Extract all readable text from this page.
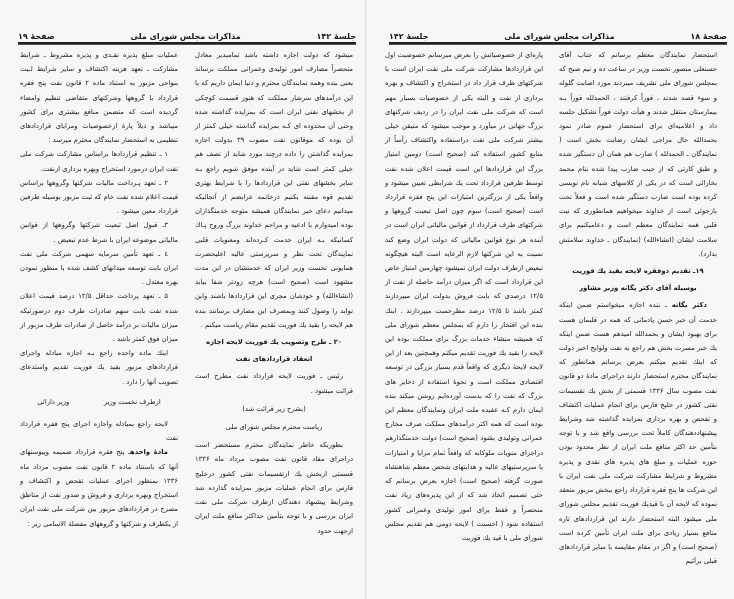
جلسهٔ ۱۴۲
مذاکرات مجلس شورای ملی
صفحهٔ ۱۹

میشود که دولت اجازه داشته باشد تمامبدیر معادل منحصراً مصارف امور تولیدی وعمرانی مملکت برساند یعنی بنده وهمه نمایندگان محترم و دنیا ایمان داریم که با این درآمدهای سرشار مملکت که هنوز قسمت کوچکی از بخشهای نفتی ایران است که بمزایده گذاشته شده وحتی آن محدوده ای کـه بمزایده گذاشته خیلی کمتر از آن بوده که موقانون نفت مصوب ۳۹ بدولت اجازه بمزایده گذاشتن را داده درچند مورد شاید از نصف هم خیلی کمتر است شاید در آینده موفق شویم راجع بـه سایر بخشهای نفتی این قراردادها را با شرایط بهتری تقدیم قوه مقننه بکنیم درخاتمه عرایضم از آنجائیکه میدانیم دعای خیر نمایندگان همیشه متوجه خدمتگذاران بوده امیدوارم با ادعیه و مراحم خداوند بزرگ وروح پـاك کسانیکه بـه ایران خدمت کـرده‌اند ومعنویات قلبی نمایندگان تحت نظر و سرپرستی عالیه اعلیحضرت همایونی نخست وزیر ایران که خدمتشان در این مدت مشهود است (صحیح است) هرچه زودتر شفا بیابد (انشاءالله) و خودشان مجری این قراردادها باشند واین نوابد را وصول کنند وبمصرف این مصارف برسانند بنده هم لایحه را بقید یك فوریت تقدیم مقام ریاست میکنم .

۲۰ ـ طرح وتصویب یك فوریت لایحه اجازه

انعقاد قراردادهای نفت

رئیس ـ فوریت لایحه قرارداد نفت مطرح است قرائت میشود .

(بشرح زیر قرائت شد)

ریاست محترم مجلس شورای ملی

بطوریکه خاطر نمایندگان محترم مستحضر است دراجرای مفاد قانون نفت مصوب مرداد ماه ۱۳۳۶ قسمتی ازبخش یك ازتقسیمات نفتی کشور درخلیج فارس برای انجام عملیات مزبور بمزایده گذارده شد وشرایط پیشنهاد دهندگان ازطرف شرکت ملی نفت ایران بررسی و با توجه بتأمین حداکثر منافع ملت ایران ازجهت حدود

عملیات مبلغ پذیره نقـدی و پذیره مشروط ـ شرایط مشارکت ـ تعهد هزینه اکتشاف و سایر شرایط لـیت بنواحی مزبور به استناد ماده ۲ قانون نفت پنج فقره قرارداد با گروهها وشرکتهای متقاضی تنظیم وامضاء گردیده است که متضمن منافع بیشتری برای کشور میباشد و ذیلاً پارهٔ ازخصوصیات ومزایای قراردادهای تنظیمی به استحضار نمایندگان محترم میرسد :

۱ ـ تنظیم قراردادها براساس مشارکت شرکت ملی نفت ایران درمورد استخراج وبهره برداری ازنفت.

۲ ـ تعهد پـرداخت مالیات شرکتها وگروهها براساس قیمت اعلام شده نفت خام که ثبت مزبور بوسیله طرفین قرارداد معین میشود .

۳ـ قبول اصل تبعیت شرکتها وگروهها از قوانین مالیاتی موضوعه ایران با شرط عدم تبعیض .

٤ ـ تعهد تأمین سرمایه سهمی شرکت ملی نفت ایران بابت توسعه میدانهای کشف شده با منظور نمودن بهره معتدل .

۵ ـ تعهد پرداخت حداقل ۱۲/۵ درصد قیمت اعلان شده نفت بابت سهم صادرات طرف دوم درصورتیکه میزان مالیات بر درآمد حاصل از صادرات طرف مزبور از میزان فوق کمتر باشد .

اینك ماده واحده راجع بـه اجازه مبادله واجرای قراردادهای مزبور بقید یك فوریت تقدیم واستدعای تصویب آنها را دارد .

ازطرف نخست وزیر
وزیر دارائی

لایحه راجع بمبادله واجازه اجرای پنج فقره قرارداد نفت

مادهٔ واحدهـ پنج فقره قرارداد ضمیمه وپیوستهای آنها که باستناد ماده ۲ قانون نفت مصوب مرداد ماه ۱۳۳۶ بمنظور اجرای عملیات تفحص و اکتشاف و استخراج وبهره برداری و فروش و صدور نفت از مناطق مصرح در قراردادهای مزبور بین شرکت ملی نفت ایران از یکطرف و شرکتها و گروههای مفصلة الاسامی زیر :

صفحهٔ ۱۸
مذاکرات مجلس شورای ملی
جلسهٔ ۱۴۲

استحضار نمایندگان معظم برسانم که جناب آقای حسنعلی منصور نخست وزیر در ساعت ده و نیم صبح که بمجلس شورای ملی تشریف میبردند مورد اصابت گلوله و سوء قصد شدند ، فوراً کرفتند ، الحمدلله فوراً بـه بیمارستان منتقل شدند و هیأت دولت فوراً تشکیل جلسه داد و اعلامیه‌ای برای استحضار عموم صادر نمود بحمدالله حال مزاجی ایشان رضایت بخش است ( نمایندگان ـ الحمدلله ) ضارب هم همان آن دستگیر شده و طبق کارتی که از جیب ضارب پیدا شده بنام محمد بخارائی است که در یکی از کلاسهای شبانه نام نویسی کرده بوده است ضارب دستگیر شده است و فعلاً تحت بازجوئی است از خداوند میخواهیم همانطوری که نیت قلبی همه نمایندگان معظم است و دعامیکنیم برای سلامت ایشان (انشاءالله) (نمایندگان ـ خداوند سلامتش بدارد).

۱۹ـ تقدیم دوفقره لایحه بقید یك فوریت

بوسیله آقای دکتر یگانه وزیر مشاور

دکتر یگانه ـ بنده اجازه میخواستم ضمن اینکه خدمت آن خبر حسن پادماتی که همه در قلبمان هست برای بهبود ایشان و بحمدالله امیدهم هست ضمن اینکه یك خبر مسرت بخش هم راجع به نفت ولوایح اخیر دولت که اینك تقدیم میکنم بعرض برسانم همانطور که نمایندگان محترم استحضار دارند دراجرای مادهٔ دو قانون نفت مصوب سال ۱۳۳۶ قسمتی از بخش یك تقسیمات نفتی کشور در خلیج فارس برای انجام عملیات اکتشاف و تفحص و بهره برداری بمزایده گذاشته شد وشرایط پیشنهاددهندگان کاملاً تحت بررسی واقع شد و با توجه بتأمین حد اکثر منافع ملت ایران از نظر محدود بودن حوزه عملیات و مبلغ های پذیره های نقدی و پذیره مشروط و شرایط مشارکت شرکت ملی نفت ایران با این شرکت ها پنج فقره قرارداد راجع ببخش مزبور منعقد نموده که لایحه آن با قیدیك فوریت تقدیم مجلس شورای ملی میشود البته استحضار دارند این قراردادهای تازه منافع بسیار زیادی برای ملت ایران تأمین کرده است (صحیح است) و اگر در مقام مقایسه با سایر قراردادهای قبلی برآئیم

پاره‌ای از خصوصیاتش را بعرض میرسانم خصوصیت اول این قراردادها مشارکت شرکت ملی نفت ایران است با شرکتهای طرف قرار داد در استخراج و اکتشاف و بهره برداری از نفت و البته یکی از خصوصیات بسیار مهم است که شرکت ملی نفت ایران را در ردیف شرکتهای بزرگ جهانی در میآورد و موجب میشود که متیقن خیلی بیشتر شرکت ملی نفت دراستفاده واکتشاف رأساً از منابع کشور استفاده کند (صحیح است) دومین امتیاز بزرگ این قراردادها این است قیمت اعلان شده نفت توسط طرفین قرارداد تحت یك شرایطی تعیین میشود و واقعاً یکی از بزرگترین امتیازات این پنج فقره قرارداد است (صحیح است) سوم چون اصل تبعیت گروهها و شرکتهای طرف قرارداد از قوانین مالیاتی ایران است در آینده هر نوع قوانین مالیاتی که دولت ایران وضع کند نسبت به این شرکتها لازم الرعایه است البته هیچگونه تبعیض ازطرف دولت ایران نمیشود چهارمین امتیاز خاص این قرارداد است که اگر میزان درآمد حاصله از نفت از ۱۲/۵ درصدی که بابت فروش بدولت ایران میپردازند کمتر باشد تا ۱۲/۵ درصد مطرحست میپردازند . اینك بنده این افتخار را دارم که بمجلس معظم شورای ملی که همیشه منشاء خدمات بزرگ برای مملکت بوده این لایحه را بقید یك فوریت تقدیم میکنم وهمچنین بعد از این لایحه لایحهٔ دیگری که واقعاً قدم بسیار بزرگی در توسعه اقتصادی مملکت است و نحوهٔ استفاده از ذخایر های بزرگ که نفت را که بدست آورده‌ایم روشن میکند بنده ایمان دارم کـه عقیده ملت ایران ونمایندگان معظم این بوده است که همه اکثر درآمدهای مملکت صرف مخارج عمرانی وتولیدی بشود (صحیح است) دولت خدمتگذارهم دراجرای منویات ملوکانه که واقعاً تمام مزایا و امتیازات با سرپرستیهای عالیه و هدایتهای شخص معظم شاهنشاه صورت گرفته (صحیح است) اجازه بعرض برسانم که حتی تصمیم اتخاذ شد که از این پذیره‌های زیاد نفت منحصراً و فقط برای امور تولیدی وعمرانی کشور استفاده شود ( احسنت ) لایحه دومی هم تقدیم مجلس شورای ملی با قید یك فوریت
